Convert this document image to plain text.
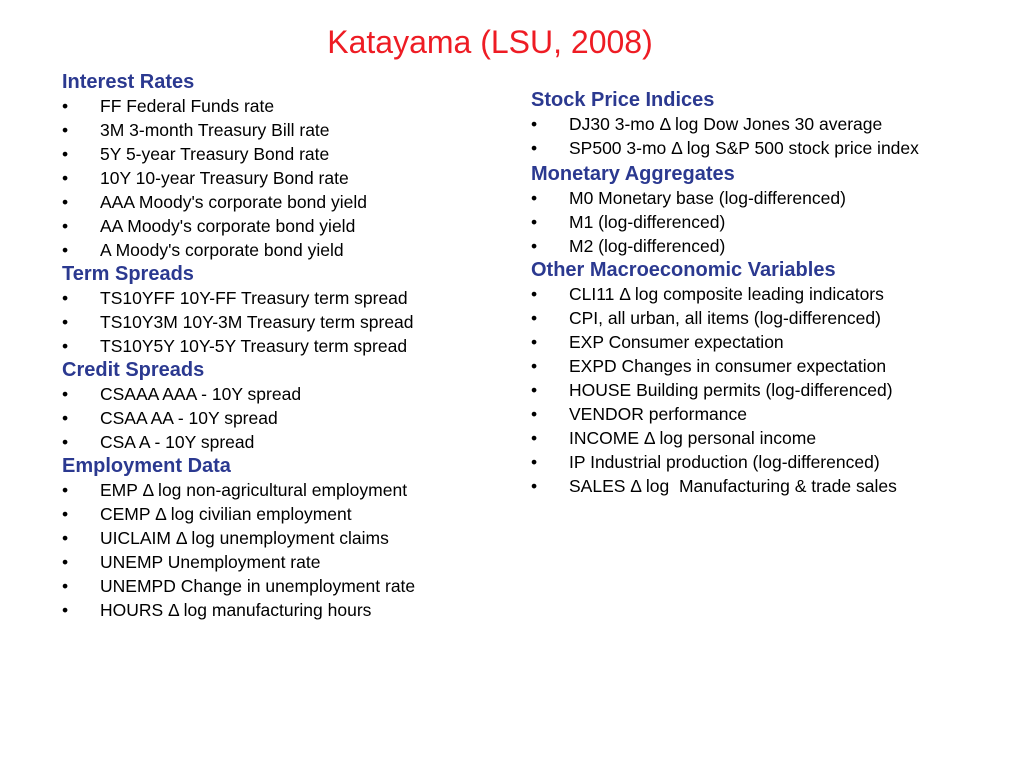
Katayama (LSU, 2008)
Interest Rates
• FF Federal Funds rate
• 3M 3-month Treasury Bill rate
• 5Y 5-year Treasury Bond rate
• 10Y 10-year Treasury Bond rate
• AAA Moody's corporate bond yield
• AA Moody's corporate bond yield
• A Moody's corporate bond yield
Term Spreads
• TS10YFF 10Y-FF Treasury term spread
• TS10Y3M 10Y-3M Treasury term spread
• TS10Y5Y 10Y-5Y Treasury term spread
Credit Spreads
• CSAAA AAA - 10Y spread
• CSAA AA - 10Y spread
• CSA A - 10Y spread
Employment Data
• EMP Δ log non-agricultural employment
• CEMP Δ log civilian employment
• UICLAIM Δ log unemployment claims
• UNEMP Unemployment rate
• UNEMPD Change in unemployment rate
• HOURS Δ log manufacturing hours
Stock Price Indices
• DJ30 3-mo Δ log Dow Jones 30 average
• SP500 3-mo Δ log S&P 500 stock price index
Monetary Aggregates
• M0 Monetary base (log-differenced)
• M1 (log-differenced)
• M2 (log-differenced)
Other Macroeconomic Variables
• CLI11 Δ log composite leading indicators
• CPI, all urban, all items (log-differenced)
• EXP Consumer expectation
• EXPD Changes in consumer expectation
• HOUSE Building permits (log-differenced)
• VENDOR performance
• INCOME Δ log personal income
• IP Industrial production (log-differenced)
• SALES Δ log  Manufacturing & trade sales
